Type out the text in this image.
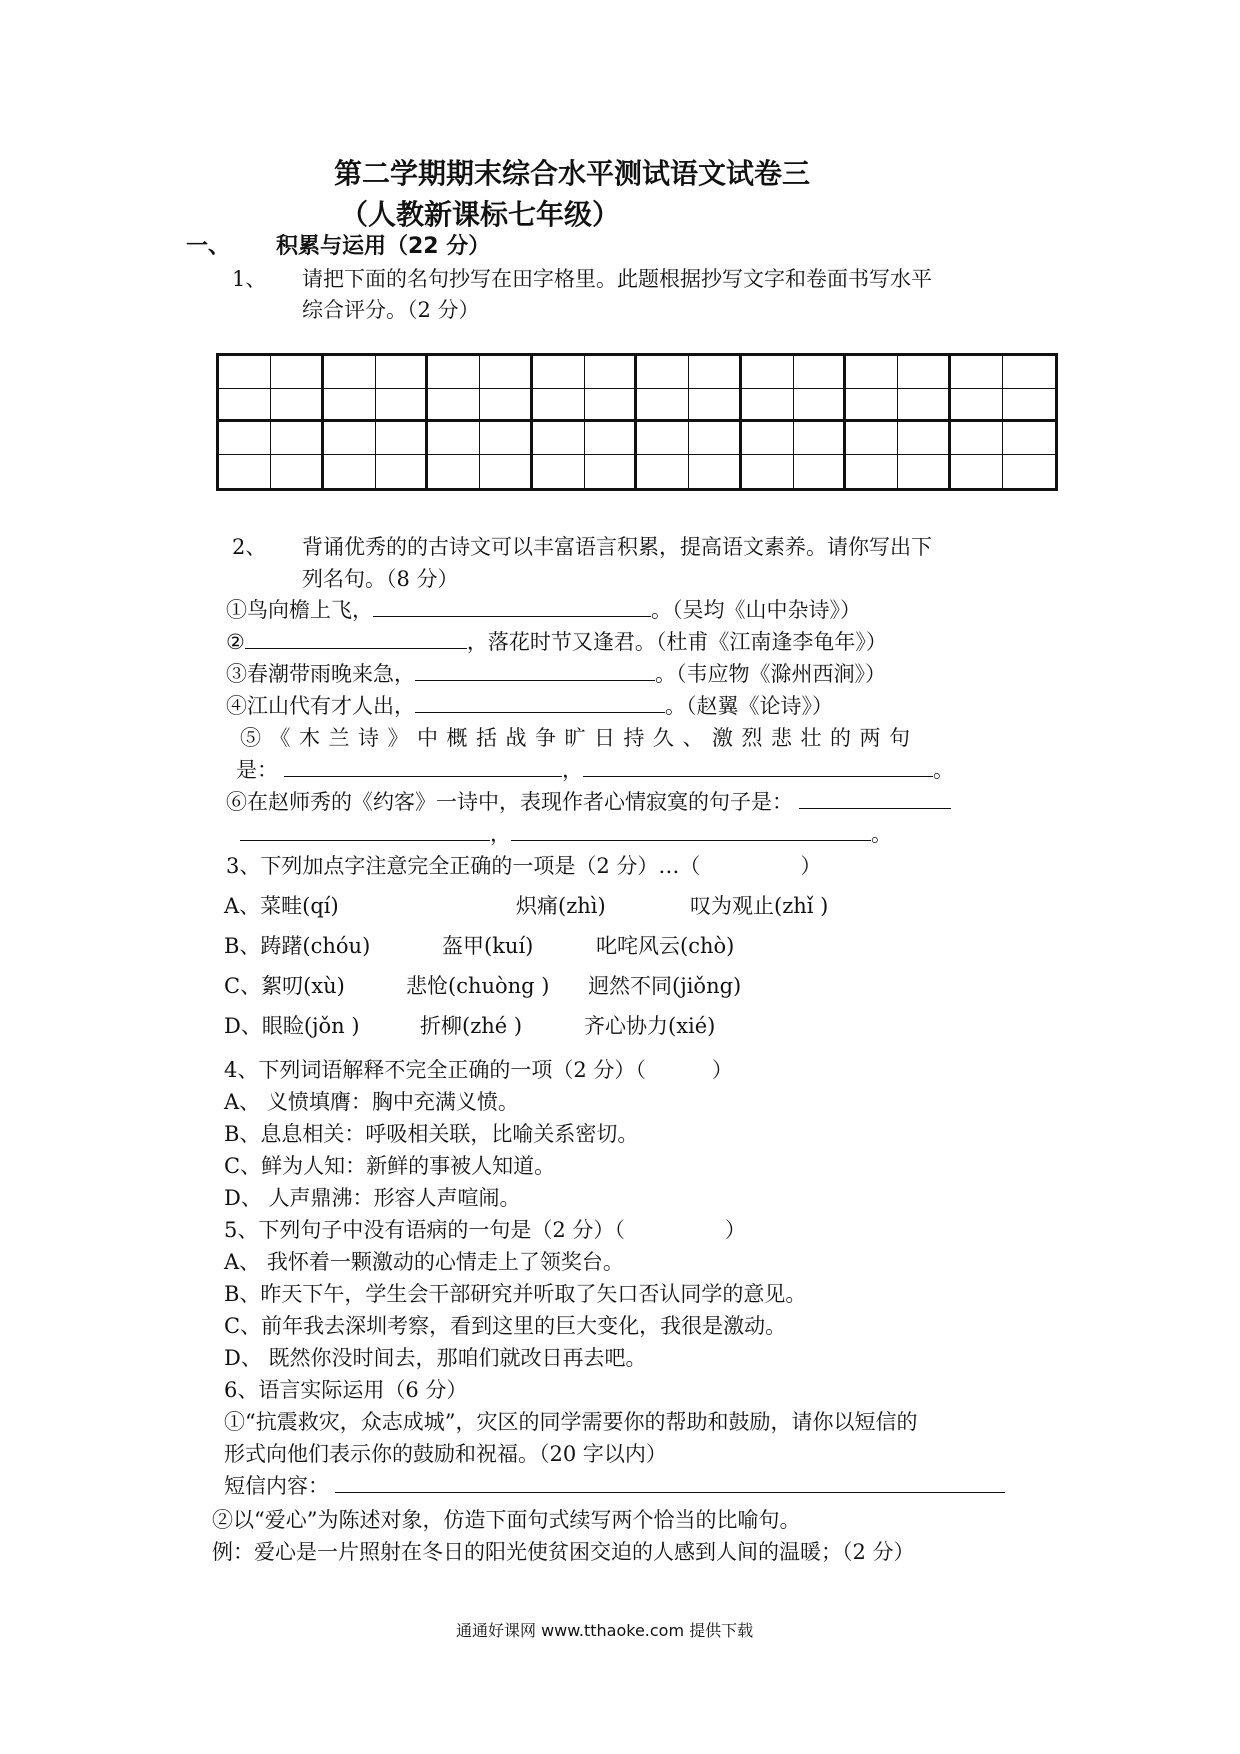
第二学期期末综合水平测试语文试卷三
（人教新课标七年级）
一、 积累与运用（22 分）
1、 请把下面的名句抄写在田字格里。此题根据抄写文字和卷面书写水平
综合评分。（2 分）
2、 背诵优秀的的古诗文可以丰富语言积累，提高语文素养。请你写出下
列名句。（8 分）
①鸟向檐上飞，	。（吴均《山中杂诗》）
②	，落花时节又逢君。（杜甫《江南逢李龟年》）
③春潮带雨晚来急，	。（韦应物《滁州西涧》）
④江山代有才人出，	。（赵翼《论诗》）
⑤《木兰诗》中概括战争旷日持久、激烈悲壮的两句
是：	，	。
⑥在赵师秀的《约客》一诗中，表现作者心情寂寞的句子是：
，	。
3、下列加点字注意完全正确的一项是（2 分）…（	）
A、菜畦(qí)	炽痛(zhì)	叹为观止(zhǐ )
B、踌躇(chóu)	盔甲(kuí)	叱咤风云(chò)
C、絮叨(xù)	悲怆(chuòng ) 迥然不同(jiǒng)
D、眼睑(jǒn )	折柳(zhé )	齐心协力(xié)
4、下列词语解释不完全正确的一项（2 分）（	）
A、 义愤填膺：胸中充满义愤。
B、息息相关：呼吸相关联，比喻关系密切。
C、鲜为人知：新鲜的事被人知道。
D、 人声鼎沸：形容人声喧闹。
5、下列句子中没有语病的一句是（2 分）（	）
A、 我怀着一颗激动的心情走上了领奖台。
B、昨天下午，学生会干部研究并听取了矢口否认同学的意见。
C、前年我去深圳考察，看到这里的巨大变化，我很是激动。
D、 既然你没时间去，那咱们就改日再去吧。
6、语言实际运用（6 分）
①“抗震救灾，众志成城”，灾区的同学需要你的帮助和鼓励，请你以短信的
形式向他们表示你的鼓励和祝福。（20 字以内）
短信内容：
②以“爱心”为陈述对象，仿造下面句式续写两个恰当的比喻句。
例：爱心是一片照射在冬日的阳光使贫困交迫的人感到人间的温暖；（2 分）
通通好课网 www.tthaoke.com 提供下载
